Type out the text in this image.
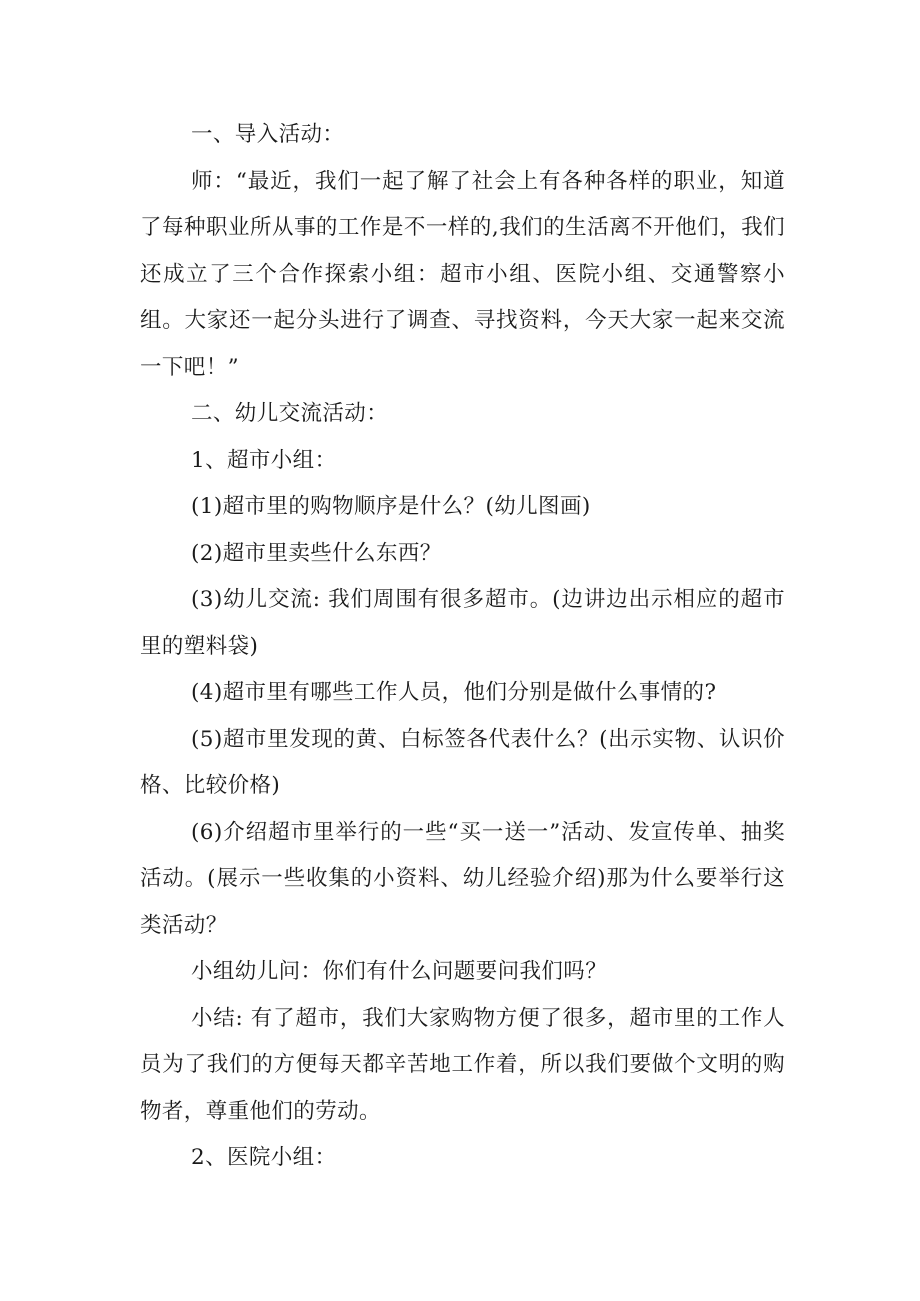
一、导入活动：

师：“最近，我们一起了解了社会上有各种各样的职业，知道了每种职业所从事的工作是不一样的,我们的生活离不开他们，我们还成立了三个合作探索小组：超市小组、医院小组、交通警察小组。大家还一起分头进行了调查、寻找资料，今天大家一起来交流一下吧！”

二、幼儿交流活动：

1、超市小组：

(1)超市里的购物顺序是什么？(幼儿图画)

(2)超市里卖些什么东西？

(3)幼儿交流: 我们周围有很多超市。(边讲边出示相应的超市里的塑料袋)

(4)超市里有哪些工作人员，他们分别是做什么事情的?

(5)超市里发现的黄、白标签各代表什么？(出示实物、认识价格、比较价格)

(6)介绍超市里举行的一些“买一送一”活动、发宣传单、抽奖活动。(展示一些收集的小资料、幼儿经验介绍)那为什么要举行这类活动？

小组幼儿问：你们有什么问题要问我们吗？

小结: 有了超市，我们大家购物方便了很多，超市里的工作人员为了我们的方便每天都辛苦地工作着，所以我们要做个文明的购物者，尊重他们的劳动。

2、医院小组：
